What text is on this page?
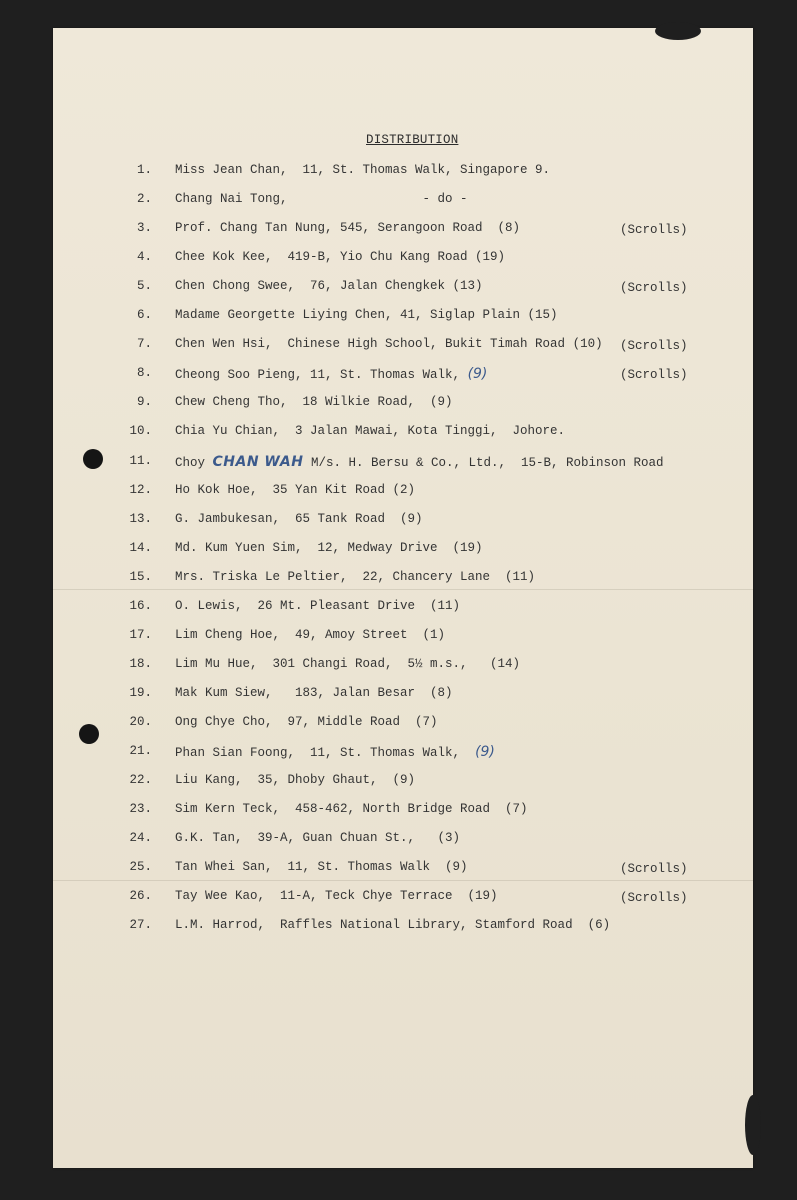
DISTRIBUTION
1. Miss Jean Chan,  11, St. Thomas Walk, Singapore 9.
2. Chang Nai Tong,                  - do -
3. Prof. Chang Tan Nung, 545, Serangoon Road  (8)	(Scrolls)
4. Chee Kok Kee,  419-B, Yio Chu Kang Road (19)
5. Chen Chong Swee,  76, Jalan Chengkek (13)	(Scrolls)
6. Madame Georgette Liying Chen, 41, Siglap Plain (15)
7. Chen Wen Hsi,  Chinese High School, Bukit Timah Road (10) (Scrolls)
8. Cheong Soo Pieng, 11, St. Thomas Walk, (9)	(Scrolls)
9. Chew Cheng Tho,  18 Wilkie Road,  (9)
10. Chia Yu Chian,  3 Jalan Mawai, Kota Tinggi,  Johore.
11. Choy CHAN WAH M/s. H. Bersu & Co., Ltd.,  15-B, Robinson Road
12. Ho Kok Hoe,  35 Yan Kit Road (2)
13. G. Jambukesan,  65 Tank Road  (9)
14. Md. Kum Yuen Sim,  12, Medway Drive  (19)
15. Mrs. Triska Le Peltier,  22, Chancery Lane  (11)
16. O. Lewis,  26 Mt. Pleasant Drive  (11)
17. Lim Cheng Hoe,  49, Amoy Street  (1)
18. Lim Mu Hue,  301 Changi Road,  5½ m.s.,   (14)
19. Mak Kum Siew,   183, Jalan Besar  (8)
20. Ong Chye Cho,  97, Middle Road  (7)
21. Phan Sian Foong,  11, St. Thomas Walk,  (9)
22. Liu Kang,  35, Dhoby Ghaut,  (9)
23. Sim Kern Teck,  458-462, North Bridge Road  (7)
24. G.K. Tan,  39-A, Guan Chuan St.,   (3)
25. Tan Whei San,  11, St. Thomas Walk  (9)	(Scrolls)
26. Tay Wee Kao,  11-A, Teck Chye Terrace  (19)	(Scrolls)
27. L.M. Harrod,  Raffles National Library, Stamford Road  (6)
